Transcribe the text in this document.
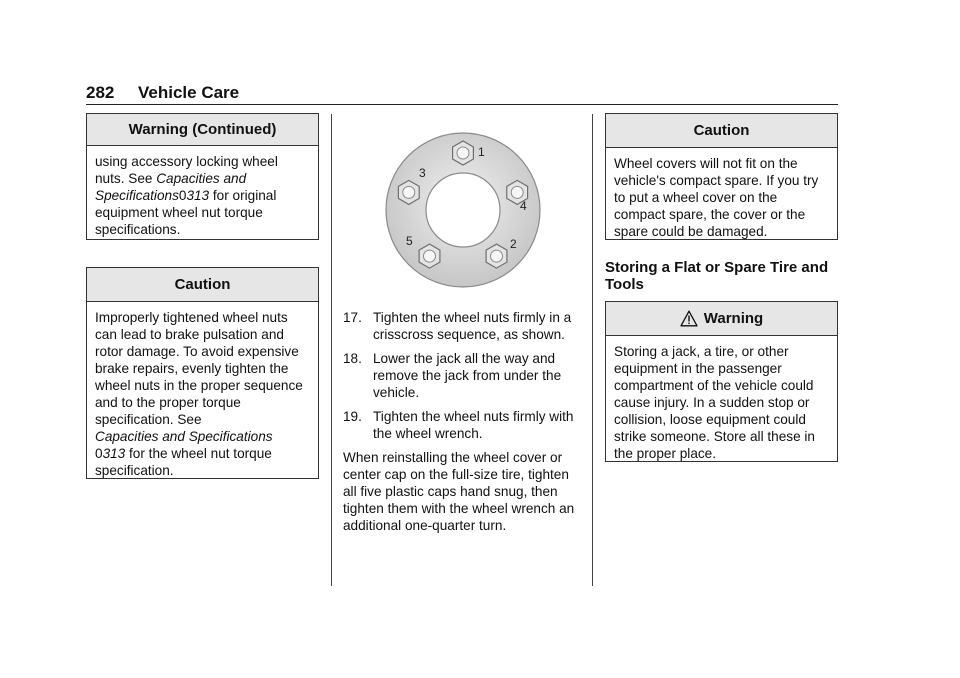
282 Vehicle Care
Warning (Continued)
using accessory locking wheel nuts. See Capacities and Specifications0313 for original equipment wheel nut torque specifications.
Caution
Improperly tightened wheel nuts can lead to brake pulsation and rotor damage. To avoid expensive brake repairs, evenly tighten the wheel nuts in the proper sequence and to the proper torque specification. See
Capacities and Specifications
0313 for the wheel nut torque specification.
1
2
3
4
5
17. Tighten the wheel nuts firmly in a crisscross sequence, as shown.
18. Lower the jack all the way and remove the jack from under the vehicle.
19. Tighten the wheel nuts firmly with the wheel wrench.
When reinstalling the wheel cover or center cap on the full-size tire, tighten all five plastic caps hand snug, then tighten them with the wheel wrench an additional one-quarter turn.
Caution
Wheel covers will not fit on the vehicle's compact spare. If you try to put a wheel cover on the compact spare, the cover or the spare could be damaged.
Storing a Flat or Spare Tire and Tools
Warning
Storing a jack, a tire, or other equipment in the passenger compartment of the vehicle could cause injury. In a sudden stop or collision, loose equipment could strike someone. Store all these in the proper place.
